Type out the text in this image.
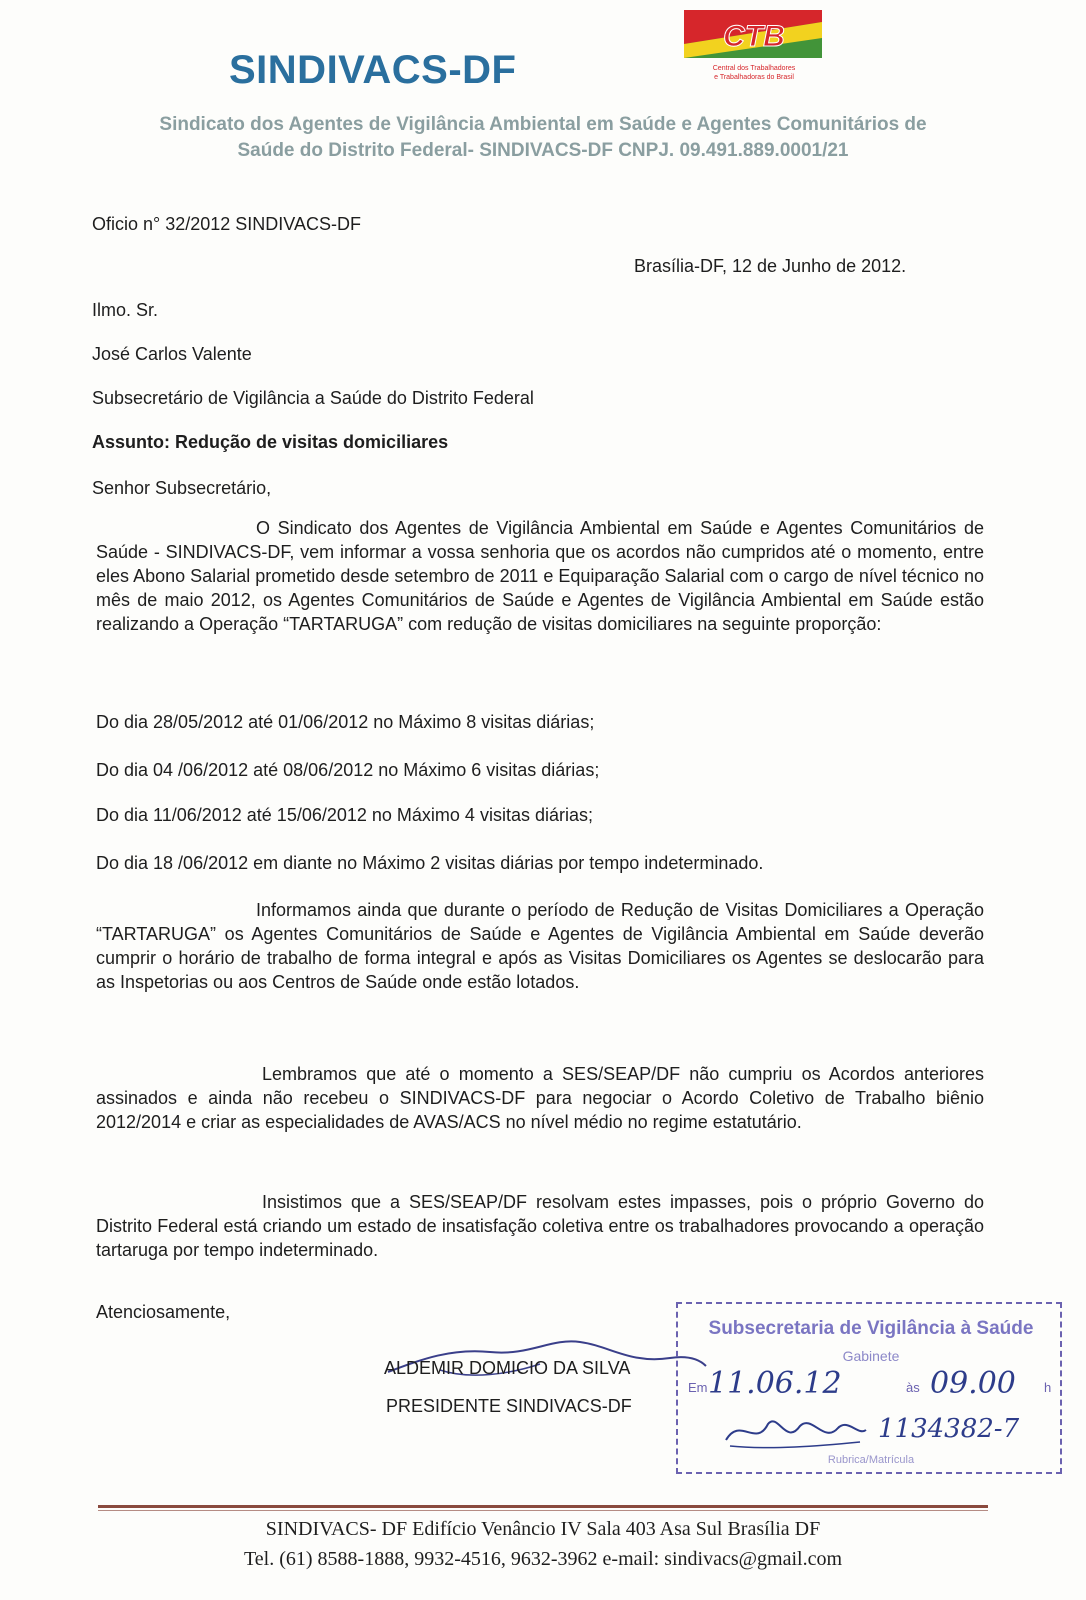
SINDIVACS-DF
CTB
Central dos Trabalhadores
e Trabalhadoras do Brasil
Sindicato dos Agentes de Vigilância Ambiental em Saúde e Agentes Comunitários de
Saúde do Distrito Federal- SINDIVACS-DF CNPJ. 09.491.889.0001/21
Oficio n° 32/2012 SINDIVACS-DF
Brasília-DF, 12 de Junho de 2012.
Ilmo. Sr.
José Carlos Valente
Subsecretário de Vigilância a Saúde do Distrito Federal
Assunto: Redução de visitas domiciliares
Senhor Subsecretário,
O Sindicato dos Agentes de Vigilância Ambiental em Saúde e Agentes Comunitários de Saúde - SINDIVACS-DF, vem informar a vossa senhoria que os acordos não cumpridos até o momento, entre eles Abono Salarial prometido desde setembro de 2011 e Equiparação Salarial com o cargo de nível técnico no mês de maio 2012, os Agentes Comunitários de Saúde e Agentes de Vigilância Ambiental em Saúde estão realizando a Operação “TARTARUGA” com redução de visitas domiciliares na seguinte proporção:
Do dia 28/05/2012 até 01/06/2012 no Máximo 8 visitas diárias;
Do dia 04 /06/2012 até 08/06/2012 no Máximo 6 visitas diárias;
Do dia 11/06/2012 até 15/06/2012 no Máximo 4 visitas diárias;
Do dia 18 /06/2012 em diante no Máximo 2 visitas diárias por tempo indeterminado.
Informamos ainda que durante o período de Redução de Visitas Domiciliares a Operação “TARTARUGA” os Agentes Comunitários de Saúde e Agentes de Vigilância Ambiental em Saúde deverão cumprir o horário de trabalho de forma integral e após as Visitas Domiciliares os Agentes se deslocarão para as Inspetorias ou aos Centros de Saúde onde estão lotados.
Lembramos que até o momento a SES/SEAP/DF não cumpriu os Acordos anteriores assinados e ainda não recebeu o SINDIVACS-DF para negociar o Acordo Coletivo de Trabalho biênio 2012/2014 e criar as especialidades de AVAS/ACS no nível médio no regime estatutário.
Insistimos que a SES/SEAP/DF resolvam estes impasses, pois o próprio Governo do Distrito Federal está criando um estado de insatisfação coletiva entre os trabalhadores provocando a operação tartaruga por tempo indeterminado.
Atenciosamente,
ALDEMIR DOMICIO DA SILVA
PRESIDENTE SINDIVACS-DF
Subsecretaria de Vigilância à Saúde
Gabinete
Em 11.06.12	às 09.00 h
1134382-7
Rubrica/Matrícula
SINDIVACS- DF Edifício Venâncio IV Sala 403 Asa Sul Brasília DF
Tel. (61) 8588-1888, 9932-4516, 9632-3962 e-mail: sindivacs@gmail.com
